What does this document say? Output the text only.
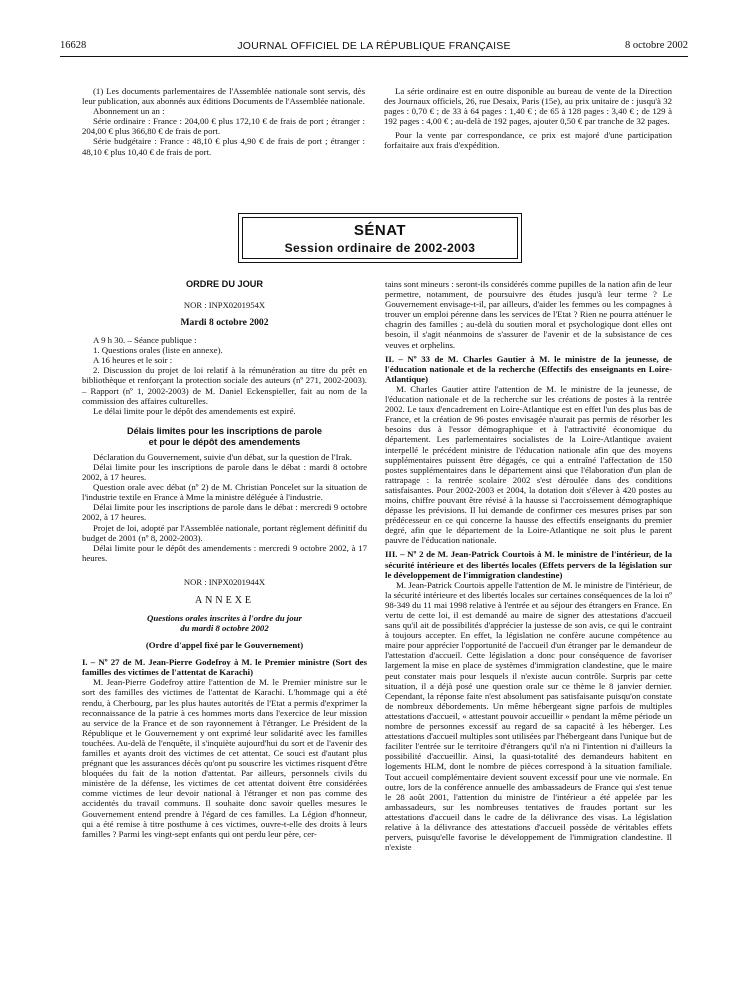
16628	JOURNAL OFFICIEL DE LA RÉPUBLIQUE FRANÇAISE	8 octobre 2002

(1) Les documents parlementaires de l'Assemblée nationale sont servis, dès leur publication, aux abonnés aux éditions Documents de l'Assemblée nationale.

Abonnement un an :

Série ordinaire : France : 204,00 € plus 172,10 € de frais de port ; étranger : 204,00 € plus 366,80 € de frais de port.

Série budgétaire : France : 48,10 € plus 4,90 € de frais de port ; étranger : 48,10 € plus 10,40 € de frais de port.

La série ordinaire est en outre disponible au bureau de vente de la Direction des Journaux officiels, 26, rue Desaix, Paris (15e), au prix unitaire de : jusqu'à 32 pages : 0,70 € ; de 33 à 64 pages : 1,40 € ; de 65 à 128 pages : 3,40 € ; de 129 à 192 pages : 4,00 € ; au-delà de 192 pages, ajouter 0,50 € par tranche de 32 pages.

Pour la vente par correspondance, ce prix est majoré d'une participation forfaitaire aux frais d'expédition.

SÉNAT
Session ordinaire de 2002-2003

ORDRE DU JOUR

NOR : INPX0201954X

Mardi 8 octobre 2002

A 9 h 30. – Séance publique :

1. Questions orales (liste en annexe).

A 16 heures et le soir :

2. Discussion du projet de loi relatif à la rémunération au titre du prêt en bibliothèque et renforçant la protection sociale des auteurs (nº 271, 2002-2003). – Rapport (nº 1, 2002-2003) de M. Daniel Eckenspieller, fait au nom de la commission des affaires culturelles.

Le délai limite pour le dépôt des amendements est expiré.

Délais limites pour les inscriptions de parole

et pour le dépôt des amendements

Déclaration du Gouvernement, suivie d'un débat, sur la question de l'Irak.

Délai limite pour les inscriptions de parole dans le débat : mardi 8 octobre 2002, à 17 heures.

Question orale avec débat (nº 2) de M. Christian Poncelet sur la situation de l'industrie textile en France à Mme la ministre déléguée à l'industrie.

Délai limite pour les inscriptions de parole dans le débat : mercredi 9 octobre 2002, à 17 heures.

Projet de loi, adopté par l'Assemblée nationale, portant règlement définitif du budget de 2001 (nº 8, 2002-2003).

Délai limite pour le dépôt des amendements : mercredi 9 octobre 2002, à 17 heures.

NOR : INPX0201944X

ANNEXE

Questions orales inscrites à l'ordre du jour

du mardi 8 octobre 2002

(Ordre d'appel fixé par le Gouvernement)

I. – Nº 27 de M. Jean-Pierre Godefroy à M. le Premier ministre (Sort des familles des victimes de l'attentat de Karachi)

M. Jean-Pierre Godefroy attire l'attention de M. le Premier ministre sur le sort des familles des victimes de l'attentat de Karachi. L'hommage qui a été rendu, à Cherbourg, par les plus hautes autorités de l'Etat a permis d'exprimer la reconnaissance de la patrie à ces hommes morts dans l'exercice de leur mission au service de la France et de son rayonnement à l'étranger. Le Président de la République et le Gouvernement y ont exprimé leur solidarité avec les familles touchées. Au-delà de l'enquête, il s'inquiète aujourd'hui du sort et de l'avenir des familles et ayants droit des victimes de cet attentat. Ce souci est d'autant plus prégnant que les assurances décès qu'ont pu souscrire les victimes risquent d'être bloquées du fait de la notion d'attentat. Par ailleurs, personnels civils du ministère de la défense, les victimes de cet attentat doivent être considérées comme victimes de leur devoir national à l'étranger et non pas comme des accidentés du travail communs. Il souhaite donc savoir quelles mesures le Gouvernement entend prendre à l'égard de ces familles. La Légion d'honneur, qui a été remise à titre posthume à ces victimes, ouvre-t-elle des droits à leurs familles ? Parmi les vingt-sept enfants qui ont perdu leur père, cer-

tains sont mineurs : seront-ils considérés comme pupilles de la nation afin de leur permettre, notamment, de poursuivre des études jusqu'à leur terme ? Le Gouvernement envisage-t-il, par ailleurs, d'aider les femmes ou les compagnes à trouver un emploi pérenne dans les services de l'Etat ? Rien ne pourra atténuer le chagrin des familles ; au-delà du soutien moral et psychologique dont elles ont besoin, il s'agit néanmoins de s'assurer de l'avenir et de la subsistance de ces veuves et orphelins.

II. – Nº 33 de M. Charles Gautier à M. le ministre de la jeunesse, de l'éducation nationale et de la recherche (Effectifs des enseignants en Loire-Atlantique)

M. Charles Gautier attire l'attention de M. le ministre de la jeunesse, de l'éducation nationale et de la recherche sur les créations de postes à la rentrée 2002. Le taux d'encadrement en Loire-Atlantique est en effet l'un des plus bas de France, et la création de 96 postes envisagée n'aurait pas permis de résorber les besoins dus à l'essor démographique et à l'attractivité économique du département. Les parlementaires socialistes de la Loire-Atlantique avaient interpellé le précédent ministre de l'éducation nationale afin que des moyens supplémentaires puissent être dégagés, ce qui a entraîné l'affectation de 150 postes supplémentaires dans le département ainsi que l'élaboration d'un plan de rattrapage : la rentrée scolaire 2002 s'est déroulée dans des conditions satisfaisantes. Pour 2002-2003 et 2004, la dotation doit s'élever à 420 postes au moins, chiffre pouvant être révisé à la hausse si l'accroissement démographique dépasse les prévisions. Il lui demande de confirmer ces mesures prises par son prédécesseur en ce qui concerne la hausse des effectifs enseignants du premier degré, afin que le département de la Loire-Atlantique ne soit plus le parent pauvre de l'éducation nationale.

III. – Nº 2 de M. Jean-Patrick Courtois à M. le ministre de l'intérieur, de la sécurité intérieure et des libertés locales (Effets pervers de la législation sur le développement de l'immigration clandestine)

M. Jean-Patrick Courtois appelle l'attention de M. le ministre de l'intérieur, de la sécurité intérieure et des libertés locales sur certaines conséquences de la loi nº 98-349 du 11 mai 1998 relative à l'entrée et au séjour des étrangers en France. En vertu de cette loi, il est demandé au maire de signer des attestations d'accueil sans qu'il ait de possibilités d'apprécier la justesse de son avis, ce qui le contraint à toujours accepter. En effet, la législation ne confère aucune compétence au maire pour apprécier l'opportunité de l'accueil d'un étranger par le demandeur de l'attestation d'accueil. Cette législation a donc pour conséquence de favoriser largement la mise en place de systèmes d'immigration clandestine, que le maire peut constater mais pour lesquels il n'existe aucun contrôle. Surpris par cette situation, il a déjà posé une question orale sur ce thème le 8 janvier dernier. Cependant, la réponse faite n'est absolument pas satisfaisante puisqu'on constate de nombreux débordements. Un même hébergeant signe parfois de multiples attestations d'accueil, « attestant pouvoir accueillir » pendant la même période un nombre de personnes excessif au regard de sa capacité à les héberger. Les attestations d'accueil multiples sont utilisées par l'hébergeant dans l'unique but de faciliter l'entrée sur le territoire d'étrangers qu'il n'a ni l'intention ni d'ailleurs la possibilité d'accueillir. Ainsi, la quasi-totalité des demandeurs habitent en logements HLM, dont le nombre de pièces correspond à la situation familiale. Tout accueil complémentaire devient souvent excessif pour une vie normale. En outre, lors de la conférence annuelle des ambassadeurs de France qui s'est tenue le 28 août 2001, l'attention du ministre de l'intérieur a été appelée par les ambassadeurs, sur les nombreuses tentatives de fraudes portant sur les attestations d'accueil dans le cadre de la délivrance des visas. La législation relative à la délivrance des attestations d'accueil possède de véritables effets pervers, puisqu'elle favorise le développement de l'immigration clandestine. Il n'existe
